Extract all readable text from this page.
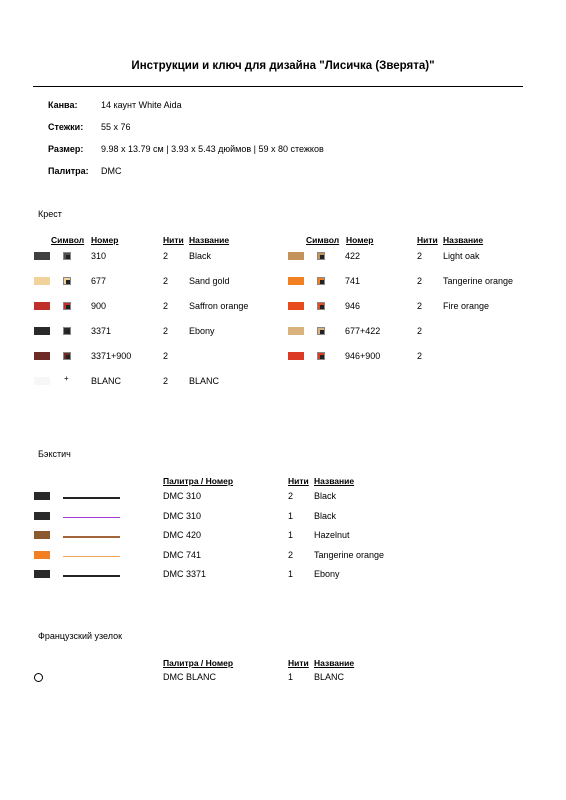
Инструкции и ключ для дизайна "Лисичка (Зверята)"
Канва:	14 каунт White Aida
Стежки: 55 x 76
Размер: 9.98 x 13.79 см | 3.93 x 5.43 дюймов | 59 x 80 стежков
Палитра: DMC
Крест
Символ Номер	Нити Название	Символ Номер	Нити Название
310	2 Black
677	2 Sand gold
900	2 Saffron orange
3371	2 Ebony
3371+900	2
+ BLANC	2 BLANC
422	2 Light oak
741	2 Tangerine orange
946	2 Fire orange
677+422	2
946+900	2
Бэкстич
Палитра / Номер	Нити Название
DMC 310	2 Black
DMC 310	1 Black
DMC 420	1 Hazelnut
DMC 741	2 Tangerine orange
DMC 3371	1 Ebony
Французский узелок
Палитра / Номер	Нити Название
DMC BLANC	1 BLANC
